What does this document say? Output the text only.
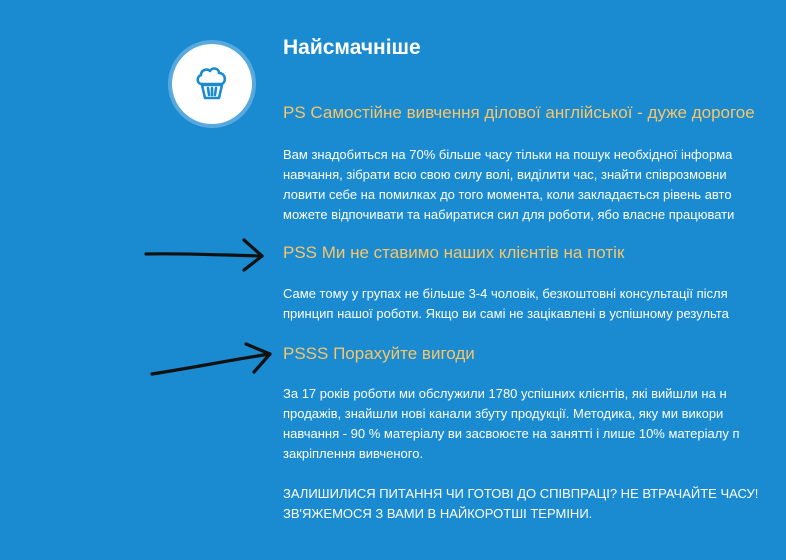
Найсмачніше
PS Самостійне вивчення ділової англійської - дуже дорогое
Вам знадобиться на 70% більше часу тільки на пошук необхідної інформа
навчання, зібрати всю свою силу волі, виділити час, знайти співрозмовни
ловити себе на помилках до того момента, коли закладається рівень авто
можете відпочивати та набиратися сил для роботи, ябо власне працювати
PSS Ми не ставимо наших клієнтів на потік
Саме тому у групах не більше 3-4 чоловік, безкоштовні консультації після
принцип нашої роботи. Якщо ви самі не зацікавлені в успішному результа
PSSS Порахуйте вигоди
За 17 років роботи ми обслужили 1780 успішних клієнтів, які вийшли на н
продажів, знайшли нові канали збуту продукції. Методика, яку ми викори
навчання - 90 % матеріалу ви засвоюєте на занятті і лише 10% матеріалу п
закріплення вивченого.
ЗАЛИШИЛИСЯ ПИТАННЯ ЧИ ГОТОВІ ДО СПІВПРАЦІ? НЕ ВТРАЧАЙТЕ ЧАСУ!
ЗВ'ЯЖЕМОСЯ З ВАМИ В НАЙКОРОТШІ ТЕРМІНИ.
